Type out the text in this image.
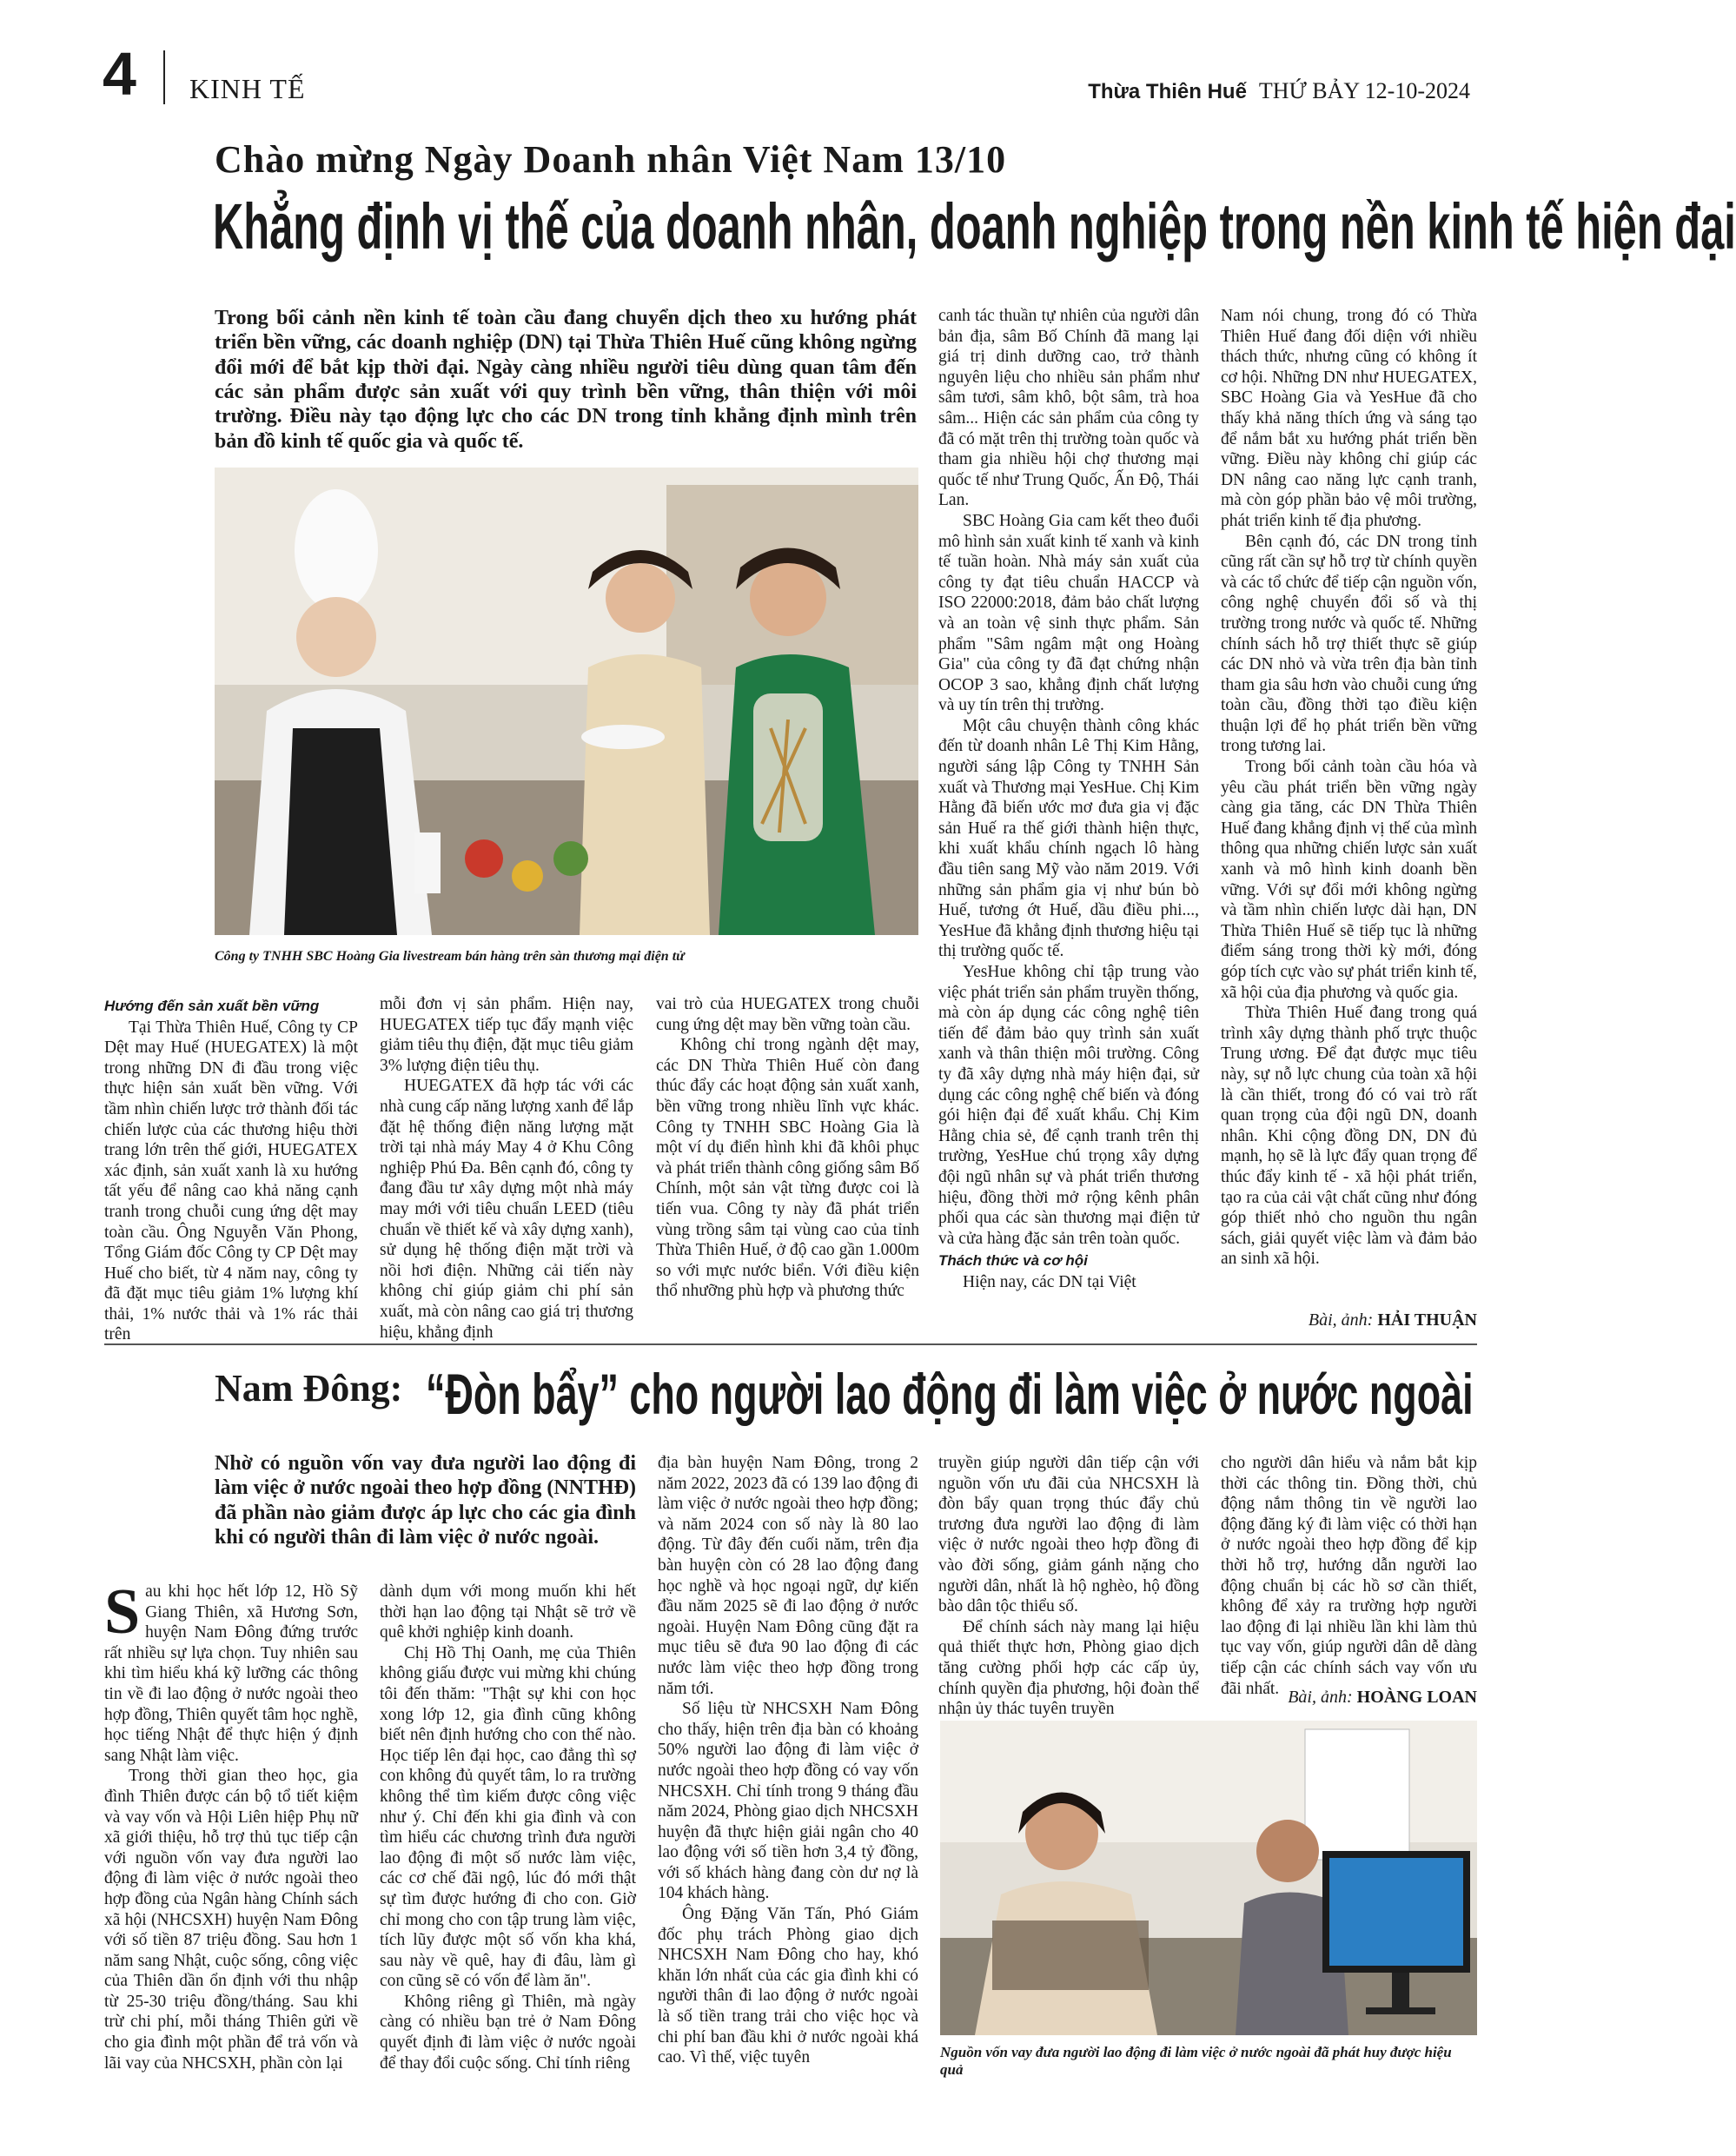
4 KINH TẾ	Thừa Thiên Huế THỨ BẢY 12-10-2024
Chào mừng Ngày Doanh nhân Việt Nam 13/10
Khẳng định vị thế của doanh nhân, doanh nghiệp trong nền kinh tế hiện đại
Trong bối cảnh nền kinh tế toàn cầu đang chuyển dịch theo xu hướng phát triển bền vững, các doanh nghiệp (DN) tại Thừa Thiên Huế cũng không ngừng đổi mới để bắt kịp thời đại. Ngày càng nhiều người tiêu dùng quan tâm đến các sản phẩm được sản xuất với quy trình bền vững, thân thiện với môi trường. Điều này tạo động lực cho các DN trong tỉnh khẳng định mình trên bản đồ kinh tế quốc gia và quốc tế.
Công ty TNHH SBC Hoàng Gia livestream bán hàng trên sàn thương mại điện tử
Hướng đến sản xuất bền vững

Tại Thừa Thiên Huế, Công ty CP Dệt may Huế (HUEGATEX) là một trong những DN đi đầu trong việc thực hiện sản xuất bền vững. Với tầm nhìn chiến lược trở thành đối tác chiến lược của các thương hiệu thời trang lớn trên thế giới, HUEGATEX xác định, sản xuất xanh là xu hướng tất yếu để nâng cao khả năng cạnh tranh trong chuỗi cung ứng dệt may toàn cầu. Ông Nguyễn Văn Phong, Tổng Giám đốc Công ty CP Dệt may Huế cho biết, từ 4 năm nay, công ty đã đặt mục tiêu giảm 1% lượng khí thải, 1% nước thải và 1% rác thải trên

mỗi đơn vị sản phẩm. Hiện nay, HUEGATEX tiếp tục đẩy mạnh việc giảm tiêu thụ điện, đặt mục tiêu giảm 3% lượng điện tiêu thụ.

HUEGATEX đã hợp tác với các nhà cung cấp năng lượng xanh để lắp đặt hệ thống điện năng lượng mặt trời tại nhà máy May 4 ở Khu Công nghiệp Phú Đa. Bên cạnh đó, công ty đang đầu tư xây dựng một nhà máy may mới với tiêu chuẩn LEED (tiêu chuẩn về thiết kế và xây dựng xanh), sử dụng hệ thống điện mặt trời và nồi hơi điện. Những cải tiến này không chỉ giúp giảm chi phí sản xuất, mà còn nâng cao giá trị thương hiệu, khẳng định

vai trò của HUEGATEX trong chuỗi cung ứng dệt may bền vững toàn cầu.

Không chỉ trong ngành dệt may, các DN Thừa Thiên Huế còn đang thúc đẩy các hoạt động sản xuất xanh, bền vững trong nhiều lĩnh vực khác. Công ty TNHH SBC Hoàng Gia là một ví dụ điển hình khi đã khôi phục và phát triển thành công giống sâm Bố Chính, một sản vật từng được coi là tiến vua. Công ty này đã phát triển vùng trồng sâm tại vùng cao của tỉnh Thừa Thiên Huế, ở độ cao gần 1.000m so với mực nước biển. Với điều kiện thổ nhưỡng phù hợp và phương thức

canh tác thuần tự nhiên của người dân bản địa, sâm Bố Chính đã mang lại giá trị dinh dưỡng cao, trở thành nguyên liệu cho nhiều sản phẩm như sâm tươi, sâm khô, bột sâm, trà hoa sâm... Hiện các sản phẩm của công ty đã có mặt trên thị trường toàn quốc và tham gia nhiều hội chợ thương mại quốc tế như Trung Quốc, Ấn Độ, Thái Lan.

SBC Hoàng Gia cam kết theo đuổi mô hình sản xuất kinh tế xanh và kinh tế tuần hoàn. Nhà máy sản xuất của công ty đạt tiêu chuẩn HACCP và ISO 22000:2018, đảm bảo chất lượng và an toàn vệ sinh thực phẩm. Sản phẩm "Sâm ngâm mật ong Hoàng Gia" của công ty đã đạt chứng nhận OCOP 3 sao, khẳng định chất lượng và uy tín trên thị trường.

Một câu chuyện thành công khác đến từ doanh nhân Lê Thị Kim Hằng, người sáng lập Công ty TNHH Sản xuất và Thương mại YesHue. Chị Kim Hằng đã biến ước mơ đưa gia vị đặc sản Huế ra thế giới thành hiện thực, khi xuất khẩu chính ngạch lô hàng đầu tiên sang Mỹ vào năm 2019. Với những sản phẩm gia vị như bún bò Huế, tương ớt Huế, dầu điều phi..., YesHue đã khẳng định thương hiệu tại thị trường quốc tế.

YesHue không chỉ tập trung vào việc phát triển sản phẩm truyền thống, mà còn áp dụng các công nghệ tiên tiến để đảm bảo quy trình sản xuất xanh và thân thiện môi trường. Công ty đã xây dựng nhà máy hiện đại, sử dụng các công nghệ chế biến và đóng gói hiện đại để xuất khẩu. Chị Kim Hằng chia sẻ, để cạnh tranh trên thị trường, YesHue chú trọng xây dựng đội ngũ nhân sự và phát triển thương hiệu, đồng thời mở rộng kênh phân phối qua các sàn thương mại điện tử và cửa hàng đặc sản trên toàn quốc.

Thách thức và cơ hội

Hiện nay, các DN tại Việt

Nam nói chung, trong đó có Thừa Thiên Huế đang đối diện với nhiều thách thức, nhưng cũng có không ít cơ hội. Những DN như HUEGATEX, SBC Hoàng Gia và YesHue đã cho thấy khả năng thích ứng và sáng tạo để nắm bắt xu hướng phát triển bền vững. Điều này không chỉ giúp các DN nâng cao năng lực cạnh tranh, mà còn góp phần bảo vệ môi trường, phát triển kinh tế địa phương.

Bên cạnh đó, các DN trong tỉnh cũng rất cần sự hỗ trợ từ chính quyền và các tổ chức để tiếp cận nguồn vốn, công nghệ chuyển đổi số và thị trường trong nước và quốc tế. Những chính sách hỗ trợ thiết thực sẽ giúp các DN nhỏ và vừa trên địa bàn tỉnh tham gia sâu hơn vào chuỗi cung ứng toàn cầu, đồng thời tạo điều kiện thuận lợi để họ phát triển bền vững trong tương lai.

Trong bối cảnh toàn cầu hóa và yêu cầu phát triển bền vững ngày càng gia tăng, các DN Thừa Thiên Huế đang khẳng định vị thế của mình thông qua những chiến lược sản xuất xanh và mô hình kinh doanh bền vững. Với sự đổi mới không ngừng và tầm nhìn chiến lược dài hạn, DN Thừa Thiên Huế sẽ tiếp tục là những điểm sáng trong thời kỳ mới, đóng góp tích cực vào sự phát triển kinh tế, xã hội của địa phương và quốc gia.

Thừa Thiên Huế đang trong quá trình xây dựng thành phố trực thuộc Trung ương. Để đạt được mục tiêu này, sự nỗ lực chung của toàn xã hội là cần thiết, trong đó có vai trò rất quan trọng của đội ngũ DN, doanh nhân. Khi cộng đồng DN, DN đủ mạnh, họ sẽ là lực đẩy quan trọng để thúc đẩy kinh tế - xã hội phát triển, tạo ra của cải vật chất cũng như đóng góp thiết nhỏ cho nguồn thu ngân sách, giải quyết việc làm và đảm bảo an sinh xã hội.

Bài, ảnh: HẢI THUẬN
Nam Đông: “Đòn bẩy” cho người lao động đi làm việc ở nước ngoài
Nhờ có nguồn vốn vay đưa người lao động đi làm việc ở nước ngoài theo hợp đồng (NNTHĐ) đã phần nào giảm được áp lực cho các gia đình khi có người thân đi làm việc ở nước ngoài.

Sau khi học hết lớp 12, Hồ Sỹ Giang Thiên, xã Hương Sơn, huyện Nam Đông đứng trước rất nhiều sự lựa chọn. Tuy nhiên sau khi tìm hiểu khá kỹ lưỡng các thông tin về đi lao động ở nước ngoài theo hợp đồng, Thiên quyết tâm học nghề, học tiếng Nhật để thực hiện ý định sang Nhật làm việc.

Trong thời gian theo học, gia đình Thiên được cán bộ tổ tiết kiệm và vay vốn và Hội Liên hiệp Phụ nữ xã giới thiệu, hỗ trợ thủ tục tiếp cận với nguồn vốn vay đưa người lao động đi làm việc ở nước ngoài theo hợp đồng của Ngân hàng Chính sách xã hội (NHCSXH) huyện Nam Đông với số tiền 87 triệu đồng. Sau hơn 1 năm sang Nhật, cuộc sống, công việc của Thiên dần ổn định với thu nhập từ 25-30 triệu đồng/tháng. Sau khi trừ chi phí, mỗi tháng Thiên gửi về cho gia đình một phần để trả vốn và lãi vay của NHCSXH, phần còn lại

dành dụm với mong muốn khi hết thời hạn lao động tại Nhật sẽ trở về quê khởi nghiệp kinh doanh.

Chị Hồ Thị Oanh, mẹ của Thiên không giấu được vui mừng khi chúng tôi đến thăm: "Thật sự khi con học xong lớp 12, gia đình cũng không biết nên định hướng cho con thế nào. Học tiếp lên đại học, cao đẳng thì sợ con không đủ quyết tâm, lo ra trường không thể tìm kiếm được công việc như ý. Chỉ đến khi gia đình và con tìm hiểu các chương trình đưa người lao động đi một số nước làm việc, các cơ chế đãi ngộ, lúc đó mới thật sự tìm được hướng đi cho con. Giờ chỉ mong cho con tập trung làm việc, tích lũy được một số vốn kha khá, sau này về quê, hay đi đâu, làm gì con cũng sẽ có vốn để làm ăn".

Không riêng gì Thiên, mà ngày càng có nhiều bạn trẻ ở Nam Đông quyết định đi làm việc ở nước ngoài để thay đổi cuộc sống. Chỉ tính riêng

địa bàn huyện Nam Đông, trong 2 năm 2022, 2023 đã có 139 lao động đi làm việc ở nước ngoài theo hợp đồng; và năm 2024 con số này là 80 lao động. Từ đây đến cuối năm, trên địa bàn huyện còn có 28 lao động đang học nghề và học ngoại ngữ, dự kiến đầu năm 2025 sẽ đi lao động ở nước ngoài. Huyện Nam Đông cũng đặt ra mục tiêu sẽ đưa 90 lao động đi các nước làm việc theo hợp đồng trong năm tới.

Số liệu từ NHCSXH Nam Đông cho thấy, hiện trên địa bàn có khoảng 50% người lao động đi làm việc ở nước ngoài theo hợp đồng có vay vốn NHCSXH. Chỉ tính trong 9 tháng đầu năm 2024, Phòng giao dịch NHCSXH huyện đã thực hiện giải ngân cho 40 lao động với số tiền hơn 3,4 tỷ đồng, với số khách hàng đang còn dư nợ là 104 khách hàng.

Ông Đặng Văn Tấn, Phó Giám đốc phụ trách Phòng giao dịch NHCSXH Nam Đông cho hay, khó khăn lớn nhất của các gia đình khi có người thân đi lao động ở nước ngoài là số tiền trang trải cho việc học và chi phí ban đầu khi ở nước ngoài khá cao. Vì thế, việc tuyên

truyền giúp người dân tiếp cận với nguồn vốn ưu đãi của NHCSXH là đòn bẩy quan trọng thúc đẩy chủ trương đưa người lao động đi làm việc ở nước ngoài theo hợp đồng đi vào đời sống, giảm gánh nặng cho người dân, nhất là hộ nghèo, hộ đồng bào dân tộc thiểu số.

Để chính sách này mang lại hiệu quả thiết thực hơn, Phòng giao dịch tăng cường phối hợp các cấp ủy, chính quyền địa phương, hội đoàn thể nhận ủy thác tuyên truyền

cho người dân hiểu và nắm bắt kịp thời các thông tin. Đồng thời, chủ động nắm thông tin về người lao động đăng ký đi làm việc có thời hạn ở nước ngoài theo hợp đồng để kịp thời hỗ trợ, hướng dẫn người lao động chuẩn bị các hồ sơ cần thiết, không để xảy ra trường hợp người lao động đi lại nhiều lần khi làm thủ tục vay vốn, giúp người dân dễ dàng tiếp cận các chính sách vay vốn ưu đãi nhất. Bài, ảnh: HOÀNG LOAN
Nguồn vốn vay đưa người lao động đi làm việc ở nước ngoài đã phát huy được hiệu quả
